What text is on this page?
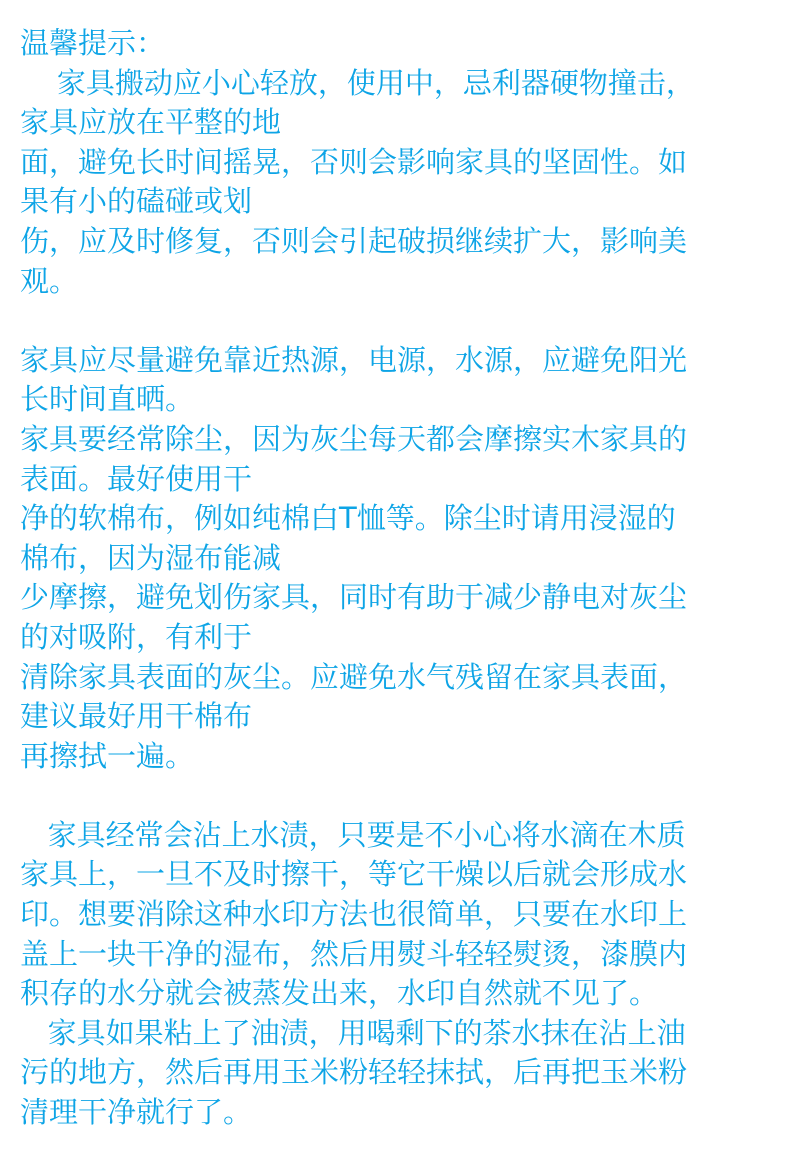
温馨提示：
家具搬动应小心轻放，使用中，忌利器硬物撞击，
家具应放在平整的地
面，避免长时间摇晃，否则会影响家具的坚固性。如
果有小的磕碰或划
伤，应及时修复，否则会引起破损继续扩大，影响美
观。
家具应尽量避免靠近热源，电源，水源，应避免阳光
长时间直晒。
家具要经常除尘，因为灰尘每天都会摩擦实木家具的
表面。最好使用干
净的软棉布，例如纯棉白T恤等。除尘时请用浸湿的
棉布，因为湿布能减
少摩擦，避免划伤家具，同时有助于减少静电对灰尘
的对吸附，有利于
清除家具表面的灰尘。应避免水气残留在家具表面，
建议最好用干棉布
再擦拭一遍。
家具经常会沾上水渍，只要是不小心将水滴在木质
家具上，一旦不及时擦干，等它干燥以后就会形成水
印。想要消除这种水印方法也很简单，只要在水印上
盖上一块干净的湿布，然后用熨斗轻轻熨烫，漆膜内
积存的水分就会被蒸发出来，水印自然就不见了。
家具如果粘上了油渍，用喝剩下的茶水抹在沾上油
污的地方，然后再用玉米粉轻轻抹拭，后再把玉米粉
清理干净就行了。
